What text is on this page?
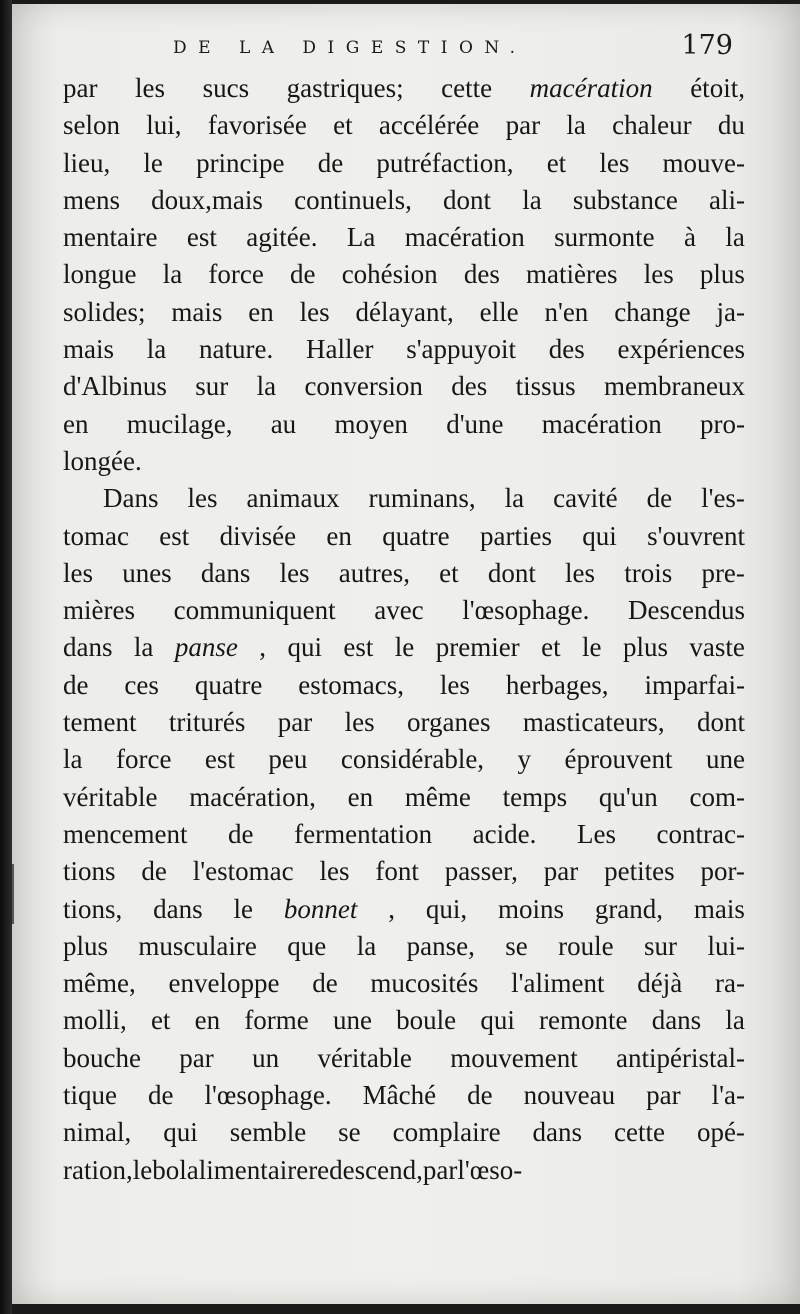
DE LA DIGESTION.	179
par les sucs gastriques; cette macération étoit,
selon lui, favorisée et accélérée par la chaleur du
lieu, le principe de putréfaction, et les mouve-
mens doux,mais continuels, dont la substance ali-
mentaire est agitée. La macération surmonte à la
longue la force de cohésion des matières les plus
solides; mais en les délayant, elle n'en change ja-
mais la nature. Haller s'appuyoit des expériences
d'Albinus sur la conversion des tissus membraneux
en mucilage, au moyen d'une macération pro-
longée.
Dans les animaux ruminans, la cavité de l'es-
tomac est divisée en quatre parties qui s'ouvrent
les unes dans les autres, et dont les trois pre-
mières communiquent avec l'œsophage. Descendus
dans la panse , qui est le premier et le plus vaste
de ces quatre estomacs, les herbages, imparfai-
tement triturés par les organes masticateurs, dont
la force est peu considérable, y éprouvent une
véritable macération, en même temps qu'un com-
mencement de fermentation acide. Les contrac-
tions de l'estomac les font passer, par petites por-
tions, dans le bonnet , qui, moins grand, mais
plus musculaire que la panse, se roule sur lui-
même, enveloppe de mucosités l'aliment déjà ra-
molli, et en forme une boule qui remonte dans la
bouche par un véritable mouvement antipéristal-
tique de l'œsophage. Mâché de nouveau par l'a-
nimal, qui semble se complaire dans cette opé-
ration, le bol alimentaire redescend, par l'œso-
